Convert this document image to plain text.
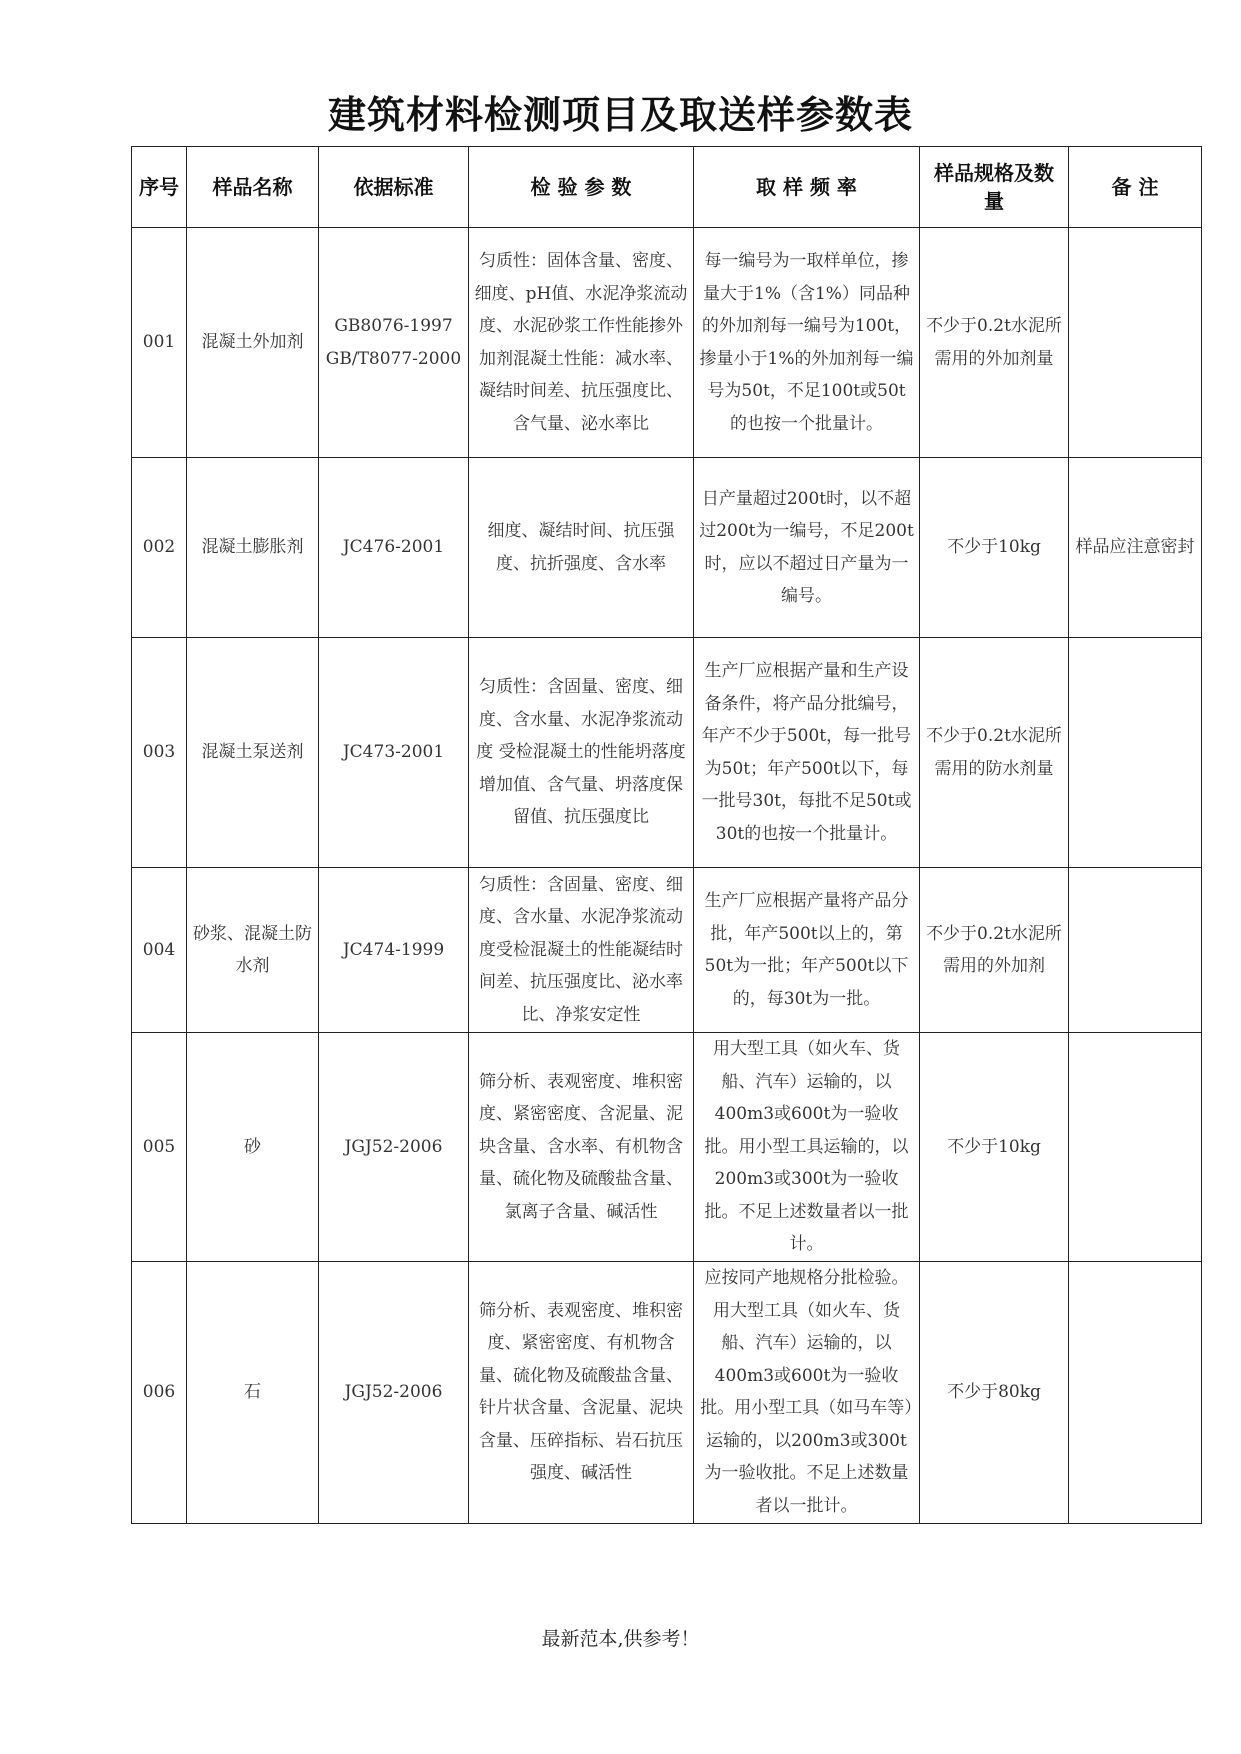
建筑材料检测项目及取送样参数表
序号	样品名称	依据标准	检 验 参 数	取 样 频 率	样品规格及数量	备 注
001	混凝土外加剂	GB8076-1997 GB/T8077-2000	匀质性：固体含量、密度、细度、pH值、水泥净浆流动度、水泥砂浆工作性能掺外加剂混凝土性能：减水率、凝结时间差、抗压强度比、含气量、泌水率比	每一编号为一取样单位，掺量大于1%（含1%）同品种的外加剂每一编号为100t，掺量小于1%的外加剂每一编号为50t，不足100t或50t的也按一个批量计。	不少于0.2t水泥所需用的外加剂量	
002	混凝土膨胀剂	JC476-2001	细度、凝结时间、抗压强度、抗折强度、含水率	日产量超过200t时，以不超过200t为一编号，不足200t时，应以不超过日产量为一编号。	不少于10kg	样品应注意密封
003	混凝土泵送剂	JC473-2001	匀质性：含固量、密度、细度、含水量、水泥净浆流动度 受检混凝土的性能坍落度增加值、含气量、坍落度保留值、抗压强度比	生产厂应根据产量和生产设备条件，将产品分批编号，年产不少于500t，每一批号为50t；年产500t以下，每一批号30t，每批不足50t或30t的也按一个批量计。	不少于0.2t水泥所需用的防水剂量	
004	砂浆、混凝土防水剂	JC474-1999	匀质性：含固量、密度、细度、含水量、水泥净浆流动度受检混凝土的性能凝结时间差、抗压强度比、泌水率比、净浆安定性	生产厂应根据产量将产品分批，年产500t以上的，第50t为一批；年产500t以下的，每30t为一批。	不少于0.2t水泥所需用的外加剂	
005	砂	JGJ52-2006	筛分析、表观密度、堆积密度、紧密密度、含泥量、泥块含量、含水率、有机物含量、硫化物及硫酸盐含量、氯离子含量、碱活性	用大型工具（如火车、货船、汽车）运输的，以400m3或600t为一验收批。用小型工具运输的，以200m3或300t为一验收批。不足上述数量者以一批计。	不少于10kg	
006	石	JGJ52-2006	筛分析、表观密度、堆积密度、紧密密度、有机物含量、硫化物及硫酸盐含量、针片状含量、含泥量、泥块含量、压碎指标、岩石抗压强度、碱活性	应按同产地规格分批检验。用大型工具（如火车、货船、汽车）运输的，以400m3或600t为一验收批。用小型工具（如马车等）运输的，以200m3或300t为一验收批。不足上述数量者以一批计。	不少于80kg	
最新范本,供参考！
